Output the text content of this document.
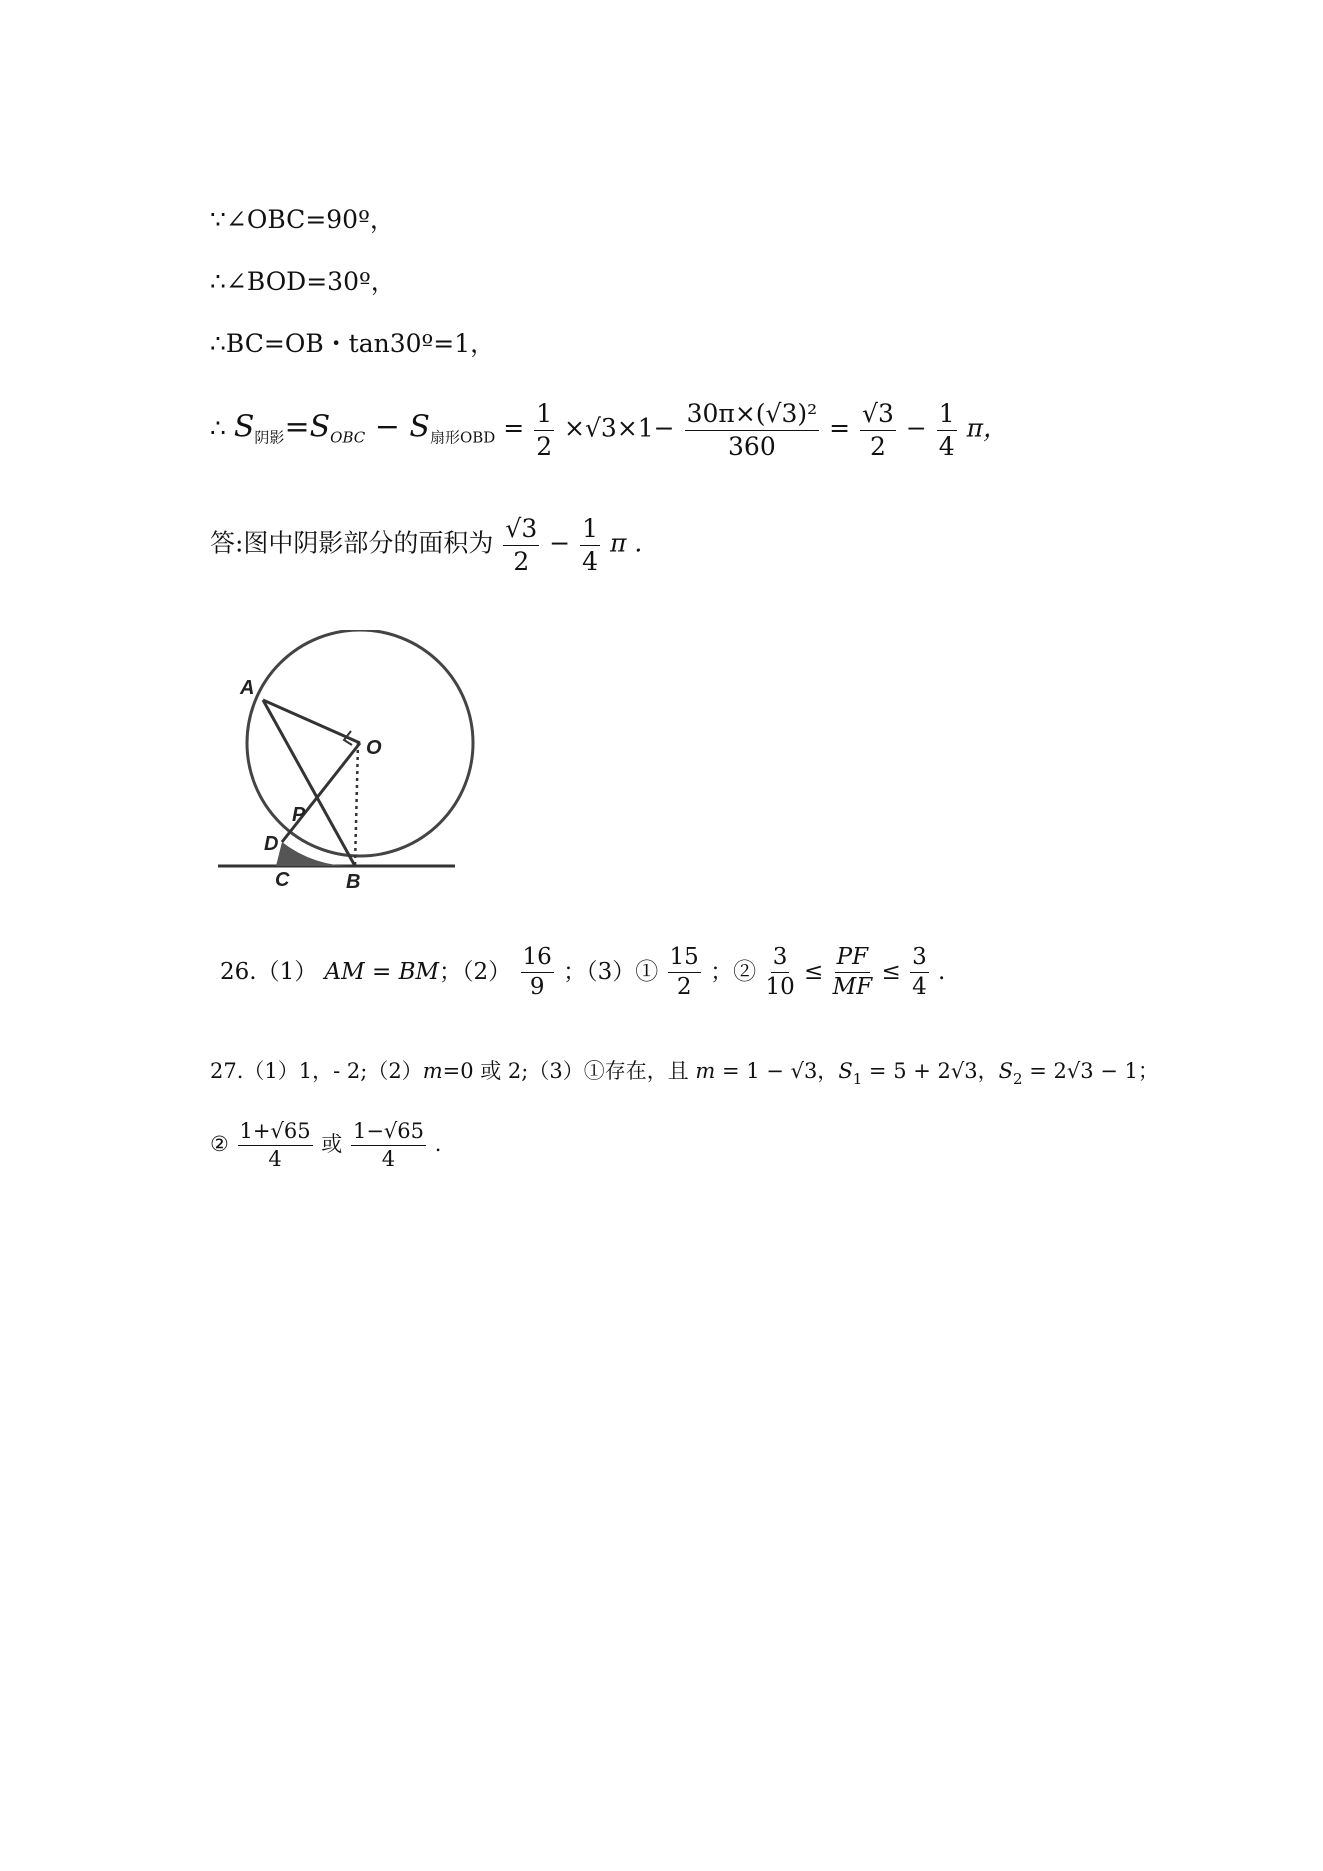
∵∠OBC=90º，
∴∠BOD=30º，
∴BC=OB・tan30º=1，
∴ $S_{阴影}=S_{OBC} - S_{扇形OBD} = \frac{1}{2} \times√3\times 1- \frac{\text{30π×(√3)²}}{360} = \frac{√3}{2} - \frac{1}{4}$ π，
答:图中阴影部分的面积为 $\frac{√3}{2} - \frac{1}{4}$ π .
A
O
P
D
C	B
26.（1） AM = BM；$(2) \frac{16}{9}$ ；（3）① $\frac{15}{2}$ ；② $\frac{3}{10} \le \frac{PF}{MF} \le \frac{3}{4}$ .
27.（1）1，- 2;（2）m=0 或 2;（3）①存在，且 m = 1 − √3，$S_1 = 5 + 2√3$，$S_2 = 2√3 - 1$；
② $\frac{1+√65}{4}$ 或 $\frac{1-√65}{4}$ .
